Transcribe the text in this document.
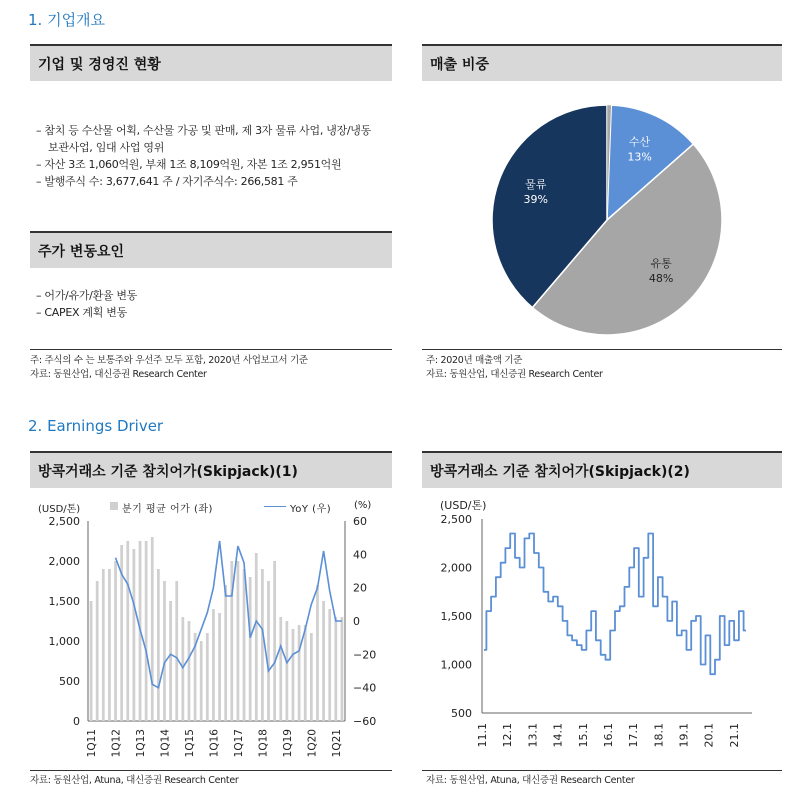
1. 기업개요
기업 및 경영진 현황
– 참치 등 수산물 어획, 수산물 가공 및 판매, 제 3자 물류 사업, 냉장/냉동
보관사업, 임대 사업 영위
– 자산 3조 1,060억원, 부채 1조 8,109억원, 자본 1조 2,951억원
– 발행주식 수: 3,677,641 주 / 자기주식수: 266,581 주
주가 변동요인
– 어가/유가/환율 변동
– CAPEX 계획 변동
주: 주식의 수 는 보통주와 우선주 모두 포함, 2020년 사업보고서 기준
자료: 동원산업, 대신증권 Research Center
매출 비중
수산
13%
유통
48%
물류
39%
주: 2020년 매출액 기준
자료: 동원산업, 대신증권 Research Center
2. Earnings Driver
방콕거래소 기준 참치어가(Skipjack)(1)
(USD/톤)	분기 평균 어가 (좌)	YoY (우) (%)
0
500
1,000
1,500
2,000
2,500
−60
−40
−20
0
20
40
60
1Q11 1Q12 1Q13 1Q14 1Q15 1Q16 1Q17 1Q18 1Q19 1Q20 1Q21
자료: 동원산업, Atuna, 대신증권 Research Center
방콕거래소 기준 참치어가(Skipjack)(2)
(USD/톤)
500
1,000
1,500
2,000
2,500
11.1 12.1 13.1 14.1 15.1 16.1 17.1 18.1 19.1 20.1 21.1
자료: 동원산업, Atuna, 대신증권 Research Center
